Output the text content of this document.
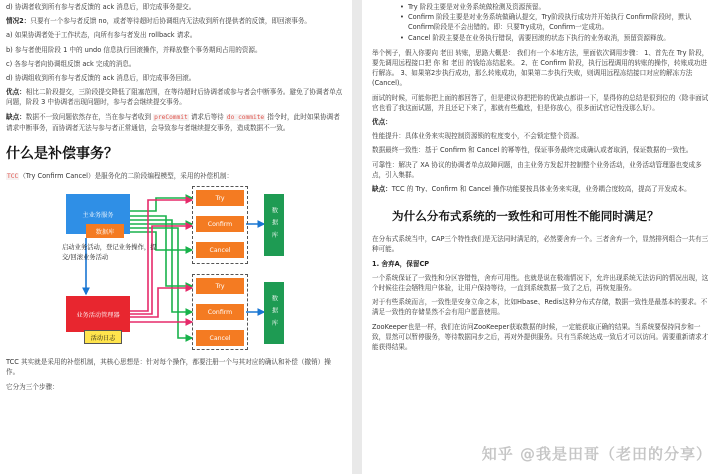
d) 协调者收到所有参与者反馈的 ack 消息后，即完成事务提交。

情况2：只要有一个参与者反馈 no，或者等待超时后协调组内无法收到所有提供者的反馈，即回滚事务。

a) 如果协调者处于工作状态，向所有参与者发出 rollback 请求。

b) 参与者使用阶段 1 中的 undo 信息执行回滚操作，并释放整个事务期间占用的资源。

c) 各参与者向协调组反馈 ack 完成的消息。

d) 协调组收到所有参与者反馈的 ack 消息后，即完成事务回滚。

优点：相比二阶段提交，三阶段提交降低了阻塞范围，在等待超时后协调者或参与者会中断事务。避免了协调者单点问题，阶段 3 中协调者出现问题时，参与者会继续提交事务。

缺点：数据不一致问题依然存在，当在参与者收到 preCommit 请求后等待 do commite 指令时，此时如果协调者请求中断事务，而协调者无法与参与者正常通信，会导致参与者继续提交事务，造成数据不一致。

什么是补偿事务？

TCC（Try Confirm Cancel）是服务化的二阶段编程模型，采用的补偿机制：

主业务服务
数据库
启动业务活动，登记业务操作，提交/回滚业务活动
业务活动管理器
活动日志
Try
Confirm
Cancel
数据库
Try
Confirm
Cancel
数据库

TCC 其实就是采用的补偿机制，其核心思想是：针对每个操作，都要注册一个与其对应的确认和补偿（撤销）操作。

它分为三个步骤：

• Try 阶段主要是对业务系统做检测及资源预留。
• Confirm 阶段主要是对业务系统做确认提交，Try阶段执行成功并开始执行 Confirm阶段时，默认 Confirm阶段是不会出错的。即：只要Try成功，Confirm一定成功。
• Cancel 阶段主要是在业务执行错误，需要回滚的状态下执行的业务取消，预留资源释放。

举个例子，假入你要向 老田 转账，思路大概是： 我们有一个本地方法，里面依次调用步骤： 1、首先在 Try 阶段，要先调用远程接口把 你 和 老田 的钱给冻结起来。 2、在 Confirm 阶段，执行远程调用的转账的操作，转账成功进行解冻。 3、如果第2步执行成功，那么转账成功，如果第二步执行失败，则调用远程冻结接口对应的解冻方法 (Cancel)。

面试的时候，可能你把上面的都回答了，但是建议你把把你的优缺点都讲一下，显得你的总结是很到位的（除非面试官也看了我这面试题，并且还记下来了，那就有些尴尬，但是你放心，很多面试官记性没那么好）。

优点：

性能提升：具体业务来实现控制资源锁的粒度变小，不会锁定整个资源。

数据最终一致性：基于 Confirm 和 Cancel 的幂等性，保证事务最终完成确认或者取消，保证数据的一致性。

可靠性：解决了 XA 协议的协调者单点故障问题，由主业务方发起并控制整个业务活动，业务活动管理器也变成多点，引入集群。

缺点：TCC 的 Try、Confirm 和 Cancel 操作功能要按具体业务来实现，业务耦合度较高，提高了开发成本。

为什么分布式系统的一致性和可用性不能同时满足？

在分布式系统当中，CAP三个特性我们是无法同时满足的，必然要舍弃一个。三者舍弃一个，显然排列组合一共有三种可能。

1. 舍弃A，保留CP

一个系统保证了一致性和分区容错性，舍弃可用性。也就是说在极端情况下，允许出现系统无法访问的情况出现，这个时候往往会牺牲用户体验，让用户保持等待，一直到系统数据一致了之后，再恢复服务。

对于有些系统而言，一致性是安身立命之本，比如Hbase、Redis这种分布式存储，数据一致性是最基本的要求。不满足一致性的存储显然不会有用户愿意使用。

ZooKeeper也是一样，我们在访问ZooKeeper获取数据的时候，一定能获取正确的结果。当系统要保持同步和一致，显然可以暂停服务，等待数据同步之后，再对外提供服务。只有当系统达成一致后才可以访问。需要重新请求才能获得结果。

知乎 @我是田哥（老田的分享）
